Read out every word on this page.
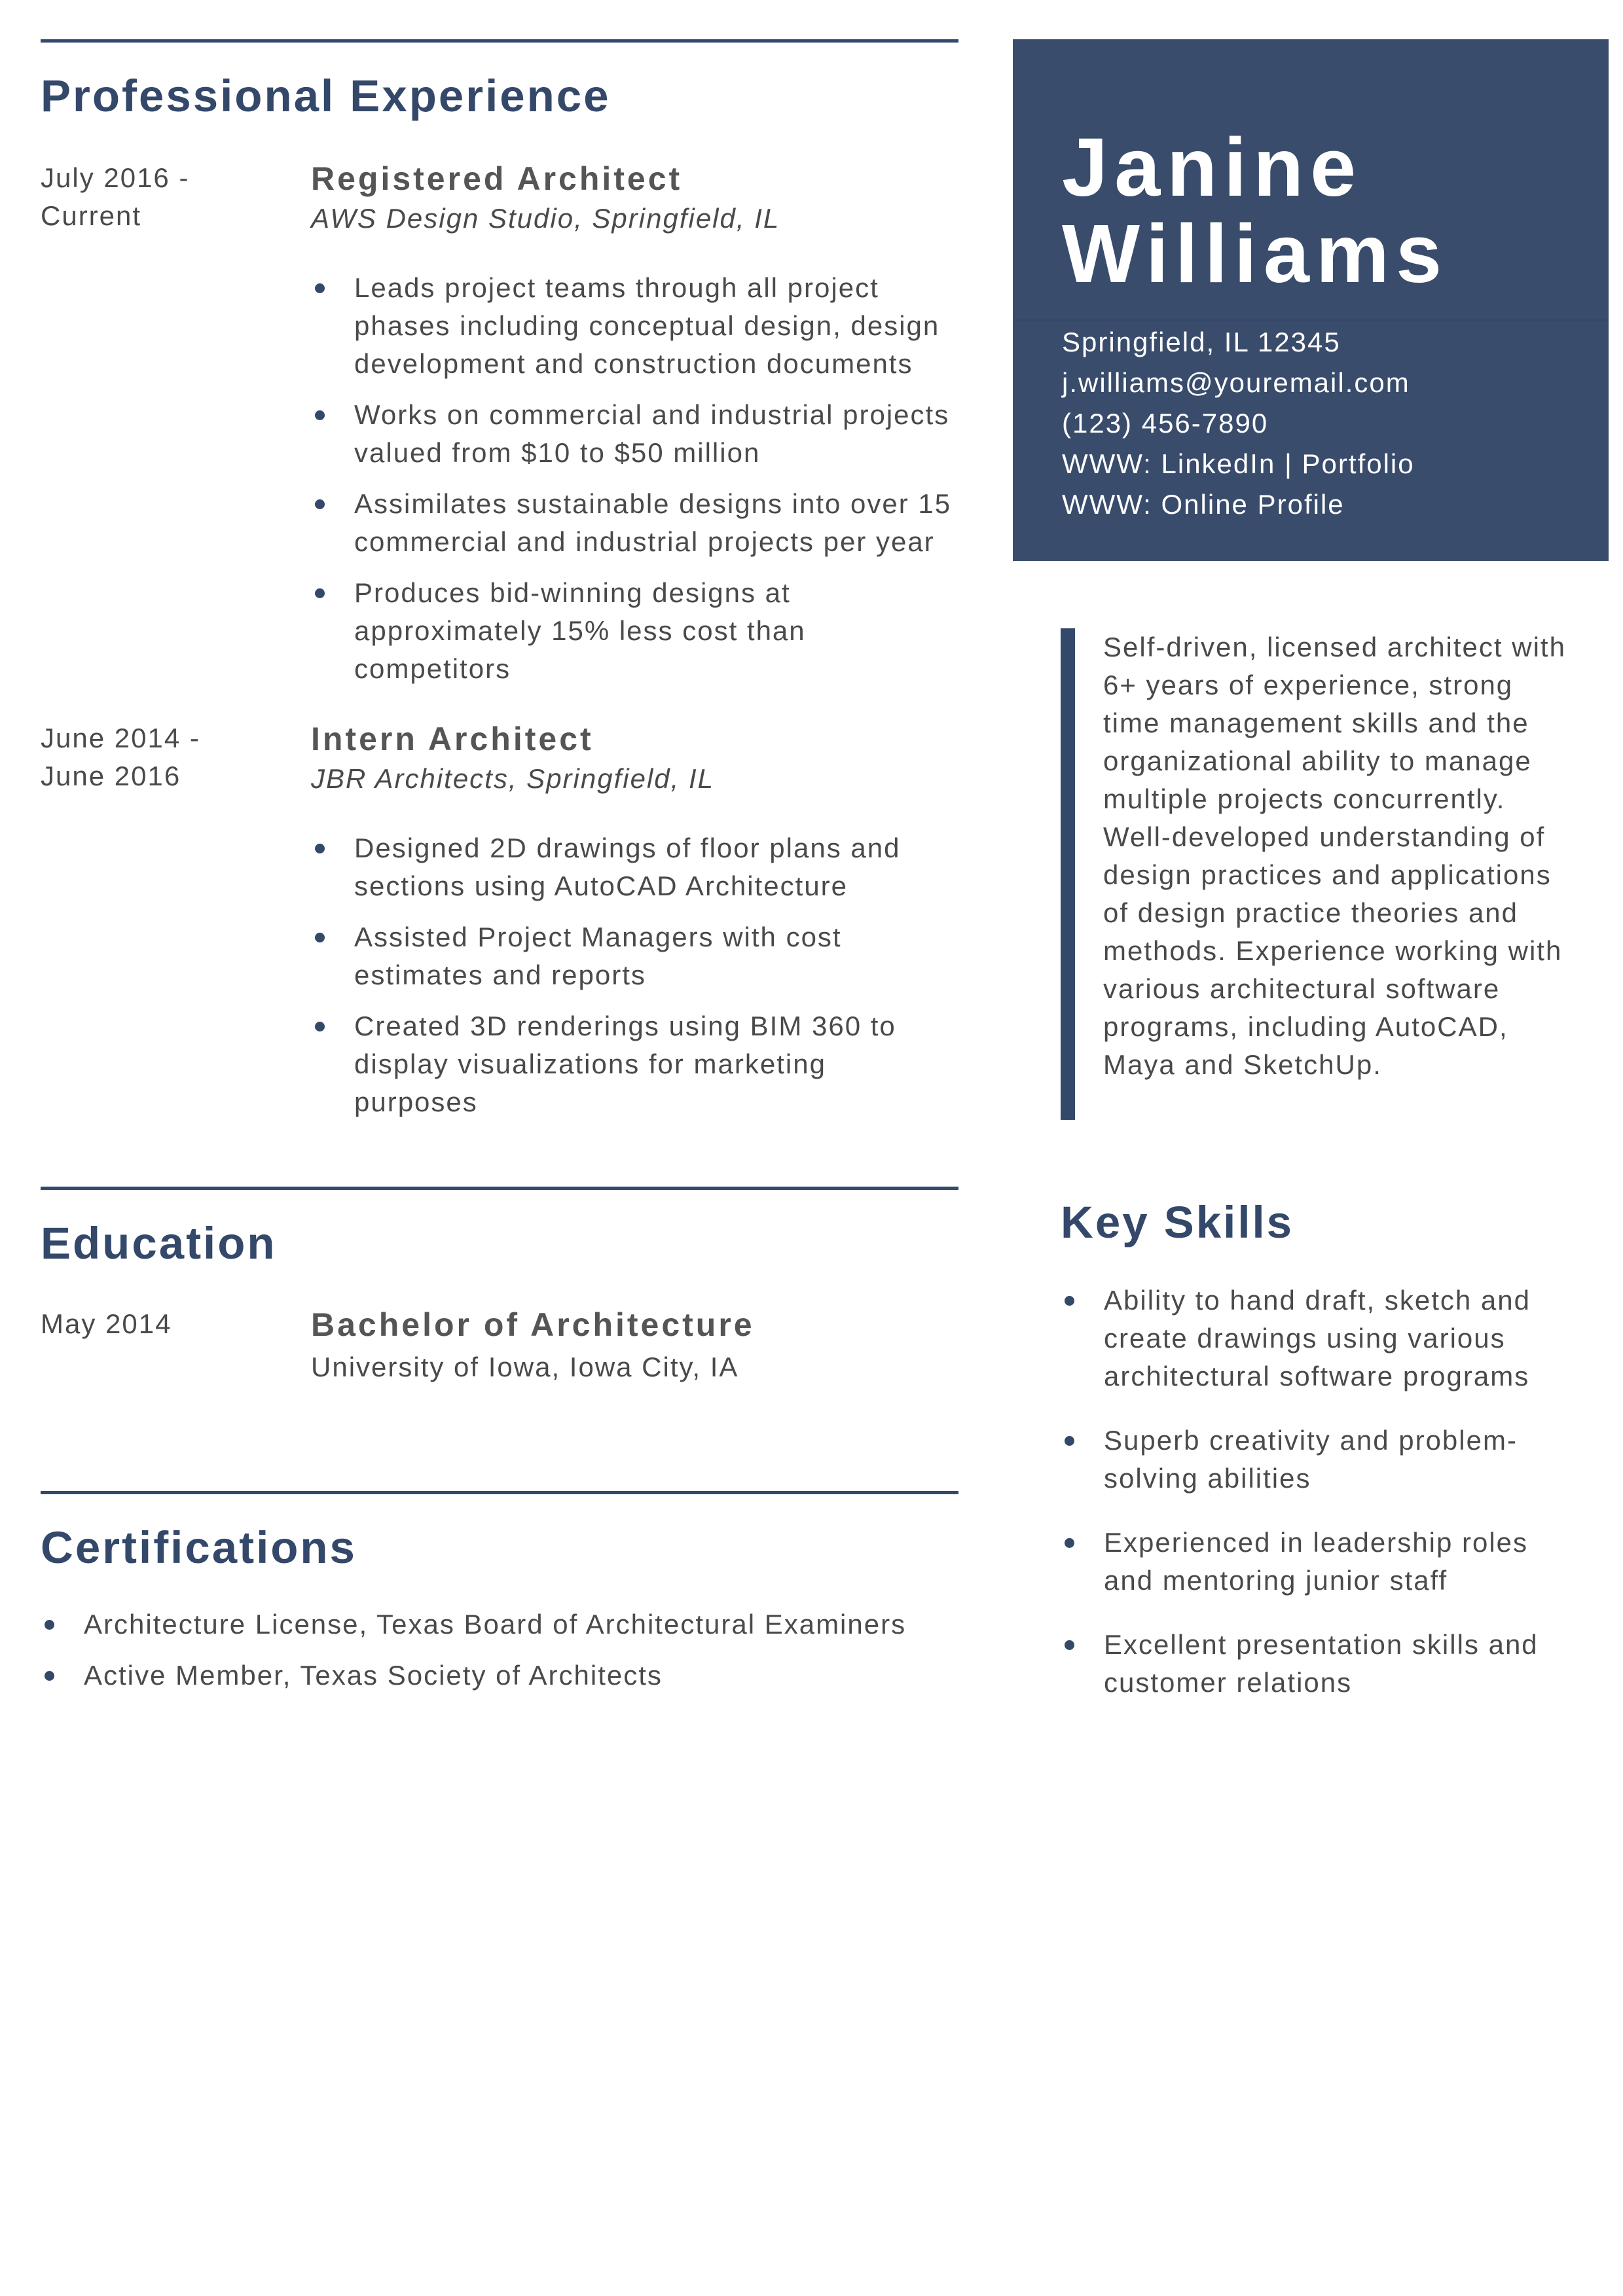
Professional Experience
July 2016 -
Current
Registered Architect
AWS Design Studio, Springfield, IL
Leads project teams through all project phases including conceptual design, design development and construction documents
Works on commercial and industrial projects valued from $10 to $50 million
Assimilates sustainable designs into over 15 commercial and industrial projects per year
Produces bid-winning designs at approximately 15% less cost than competitors
June 2014 -
June 2016
Intern Architect
JBR Architects, Springfield, IL
Designed 2D drawings of floor plans and sections using AutoCAD Architecture
Assisted Project Managers with cost estimates and reports
Created 3D renderings using BIM 360 to display visualizations for marketing purposes
Education
May 2014	Bachelor of Architecture
University of Iowa, Iowa City, IA
Certifications
Architecture License, Texas Board of Architectural Examiners
Active Member, Texas Society of Architects
Janine
Williams
Springfield, IL 12345
j.williams@youremail.com
(123) 456-7890
WWW: LinkedIn | Portfolio
WWW: Online Profile
Self-driven, licensed architect with 6+ years of experience, strong time management skills and the organizational ability to manage multiple projects concurrently. Well-developed understanding of design practices and applications of design practice theories and methods. Experience working with various architectural software programs, including AutoCAD, Maya and SketchUp.
Key Skills
Ability to hand draft, sketch and create drawings using various architectural software programs
Superb creativity and problem-solving abilities
Experienced in leadership roles and mentoring junior staff
Excellent presentation skills and customer relations
